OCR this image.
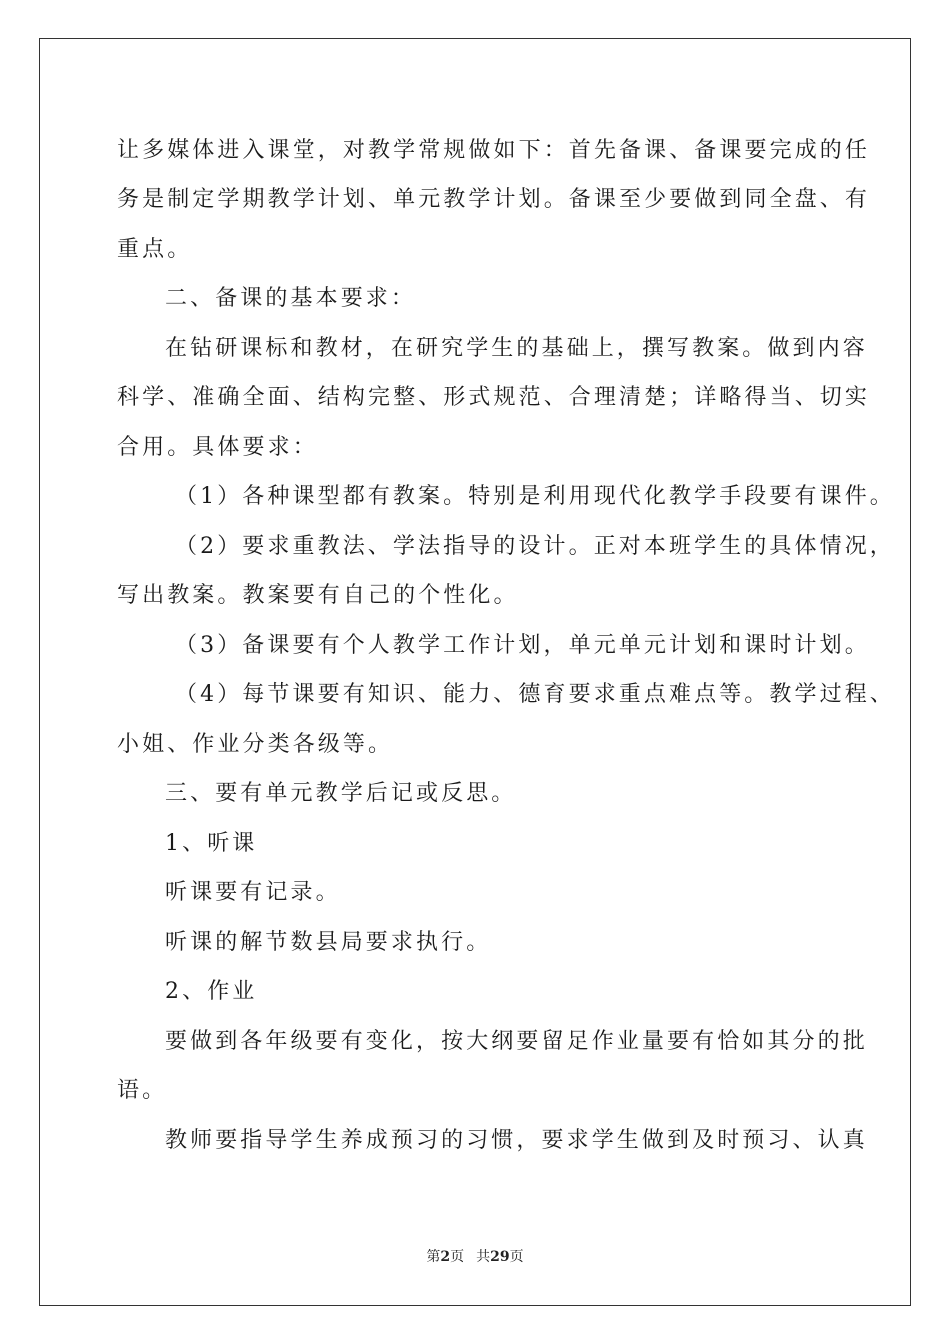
让多媒体进入课堂，对教学常规做如下：首先备课、备课要完成的任
务是制定学期教学计划、单元教学计划。备课至少要做到同全盘、有
重点。
二、备课的基本要求：
在钻研课标和教材，在研究学生的基础上，撰写教案。做到内容
科学、准确全面、结构完整、形式规范、合理清楚；详略得当、切实
合用。具体要求：
（1）各种课型都有教案。特别是利用现代化教学手段要有课件。
（2）要求重教法、学法指导的设计。正对本班学生的具体情况，
写出教案。教案要有自己的个性化。
（3）备课要有个人教学工作计划，单元单元计划和课时计划。
（4）每节课要有知识、能力、德育要求重点难点等。教学过程、
小姐、作业分类各级等。
三、要有单元教学后记或反思。
1、听课
听课要有记录。
听课的解节数县局要求执行。
2、作业
要做到各年级要有变化，按大纲要留足作业量要有恰如其分的批
语。
教师要指导学生养成预习的习惯，要求学生做到及时预习、认真
第2页 共29页
